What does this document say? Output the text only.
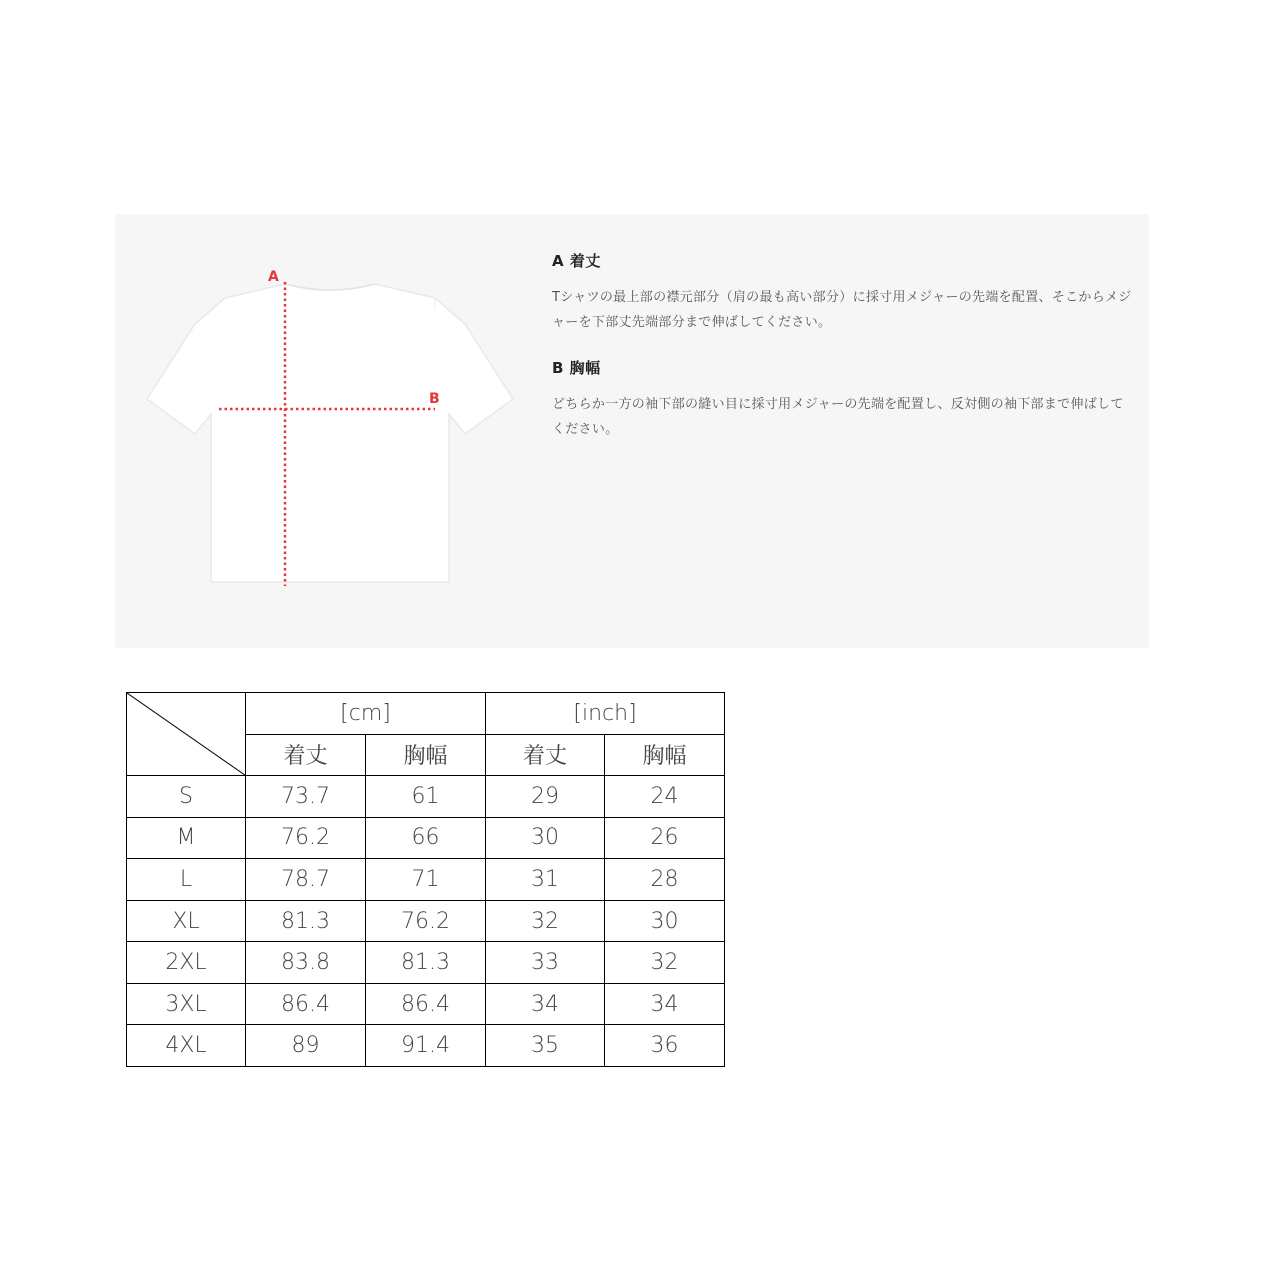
A
B
A 着丈
Tシャツの最上部の襟元部分（肩の最も高い部分）に採寸用メジャーの先端を配置、そこからメジャーを下部丈先端部分まで伸ばしてください。
B 胸幅
どちらか一方の袖下部の縫い目に採寸用メジャーの先端を配置し、反対側の袖下部まで伸ばしてください。
	[cm]		[inch]	
	着丈	胸幅	着丈	胸幅
S	73.7	61	29	24
M	76.2	66	30	26
L	78.7	71	31	28
XL	81.3	76.2	32	30
2XL	83.8	81.3	33	32
3XL	86.4	86.4	34	34
4XL	89	91.4	35	36
